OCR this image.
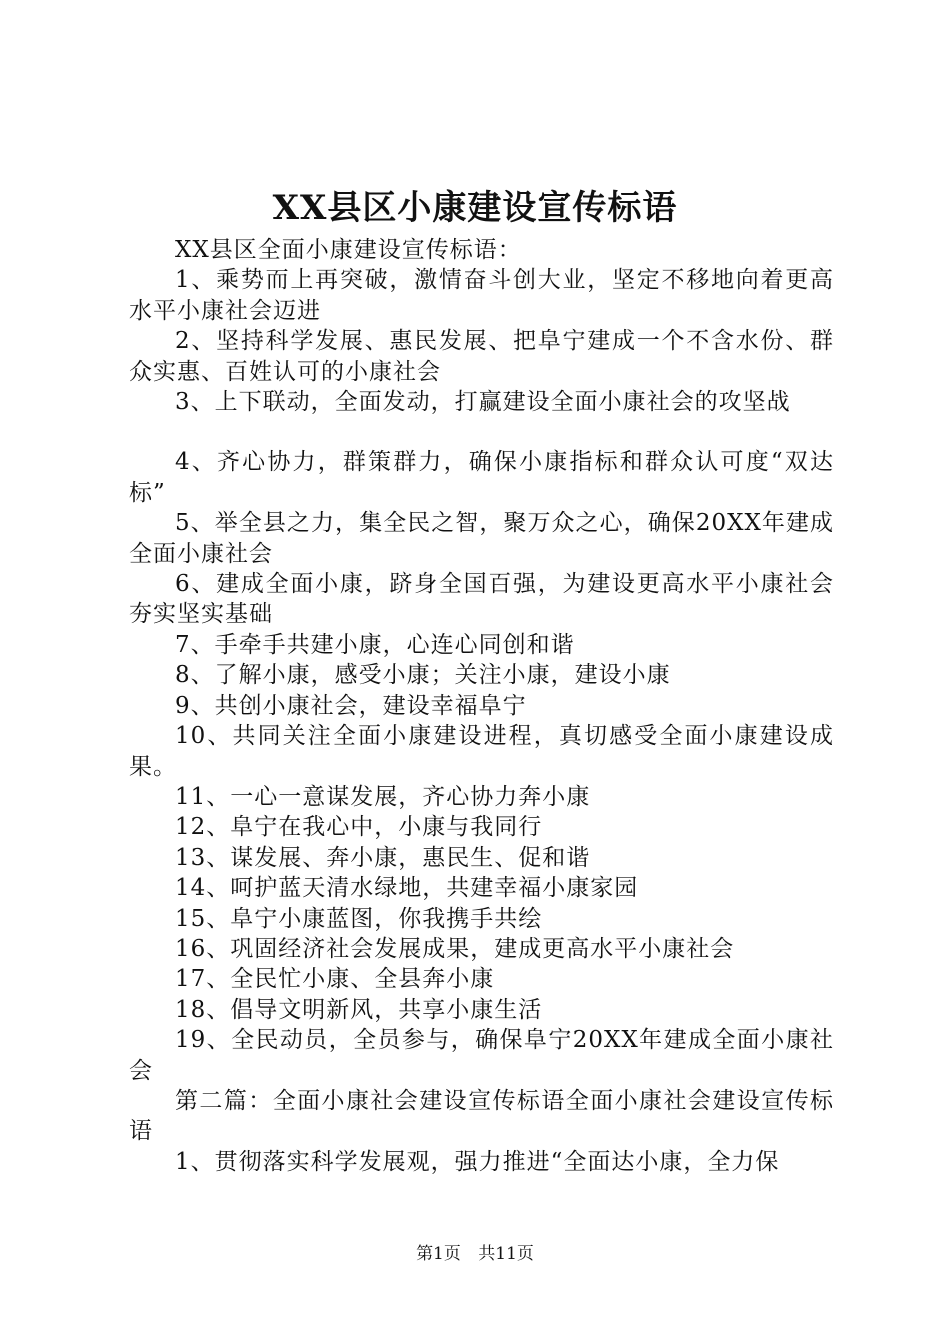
XX县区小康建设宣传标语

XX县区全面小康建设宣传标语：

1、乘势而上再突破，激情奋斗创大业，坚定不移地向着更高水平小康社会迈进

2、坚持科学发展、惠民发展、把阜宁建成一个不含水份、群众实惠、百姓认可的小康社会

3、上下联动，全面发动，打赢建设全面小康社会的攻坚战

4、齐心协力，群策群力，确保小康指标和群众认可度“双达标”

5、举全县之力，集全民之智，聚万众之心，确保20XX年建成全面小康社会

6、建成全面小康，跻身全国百强，为建设更高水平小康社会夯实坚实基础

7、手牵手共建小康，心连心同创和谐

8、了解小康，感受小康；关注小康，建设小康

9、共创小康社会，建设幸福阜宁

10、共同关注全面小康建设进程，真切感受全面小康建设成果。

11、一心一意谋发展，齐心协力奔小康

12、阜宁在我心中，小康与我同行

13、谋发展、奔小康，惠民生、促和谐

14、呵护蓝天清水绿地，共建幸福小康家园

15、阜宁小康蓝图，你我携手共绘

16、巩固经济社会发展成果，建成更高水平小康社会

17、全民忙小康、全县奔小康

18、倡导文明新风，共享小康生活

19、全民动员，全员参与，确保阜宁20XX年建成全面小康社会

第二篇：全面小康社会建设宣传标语全面小康社会建设宣传标语

1、贯彻落实科学发展观，强力推进“全面达小康，全力保

第1页 共11页
